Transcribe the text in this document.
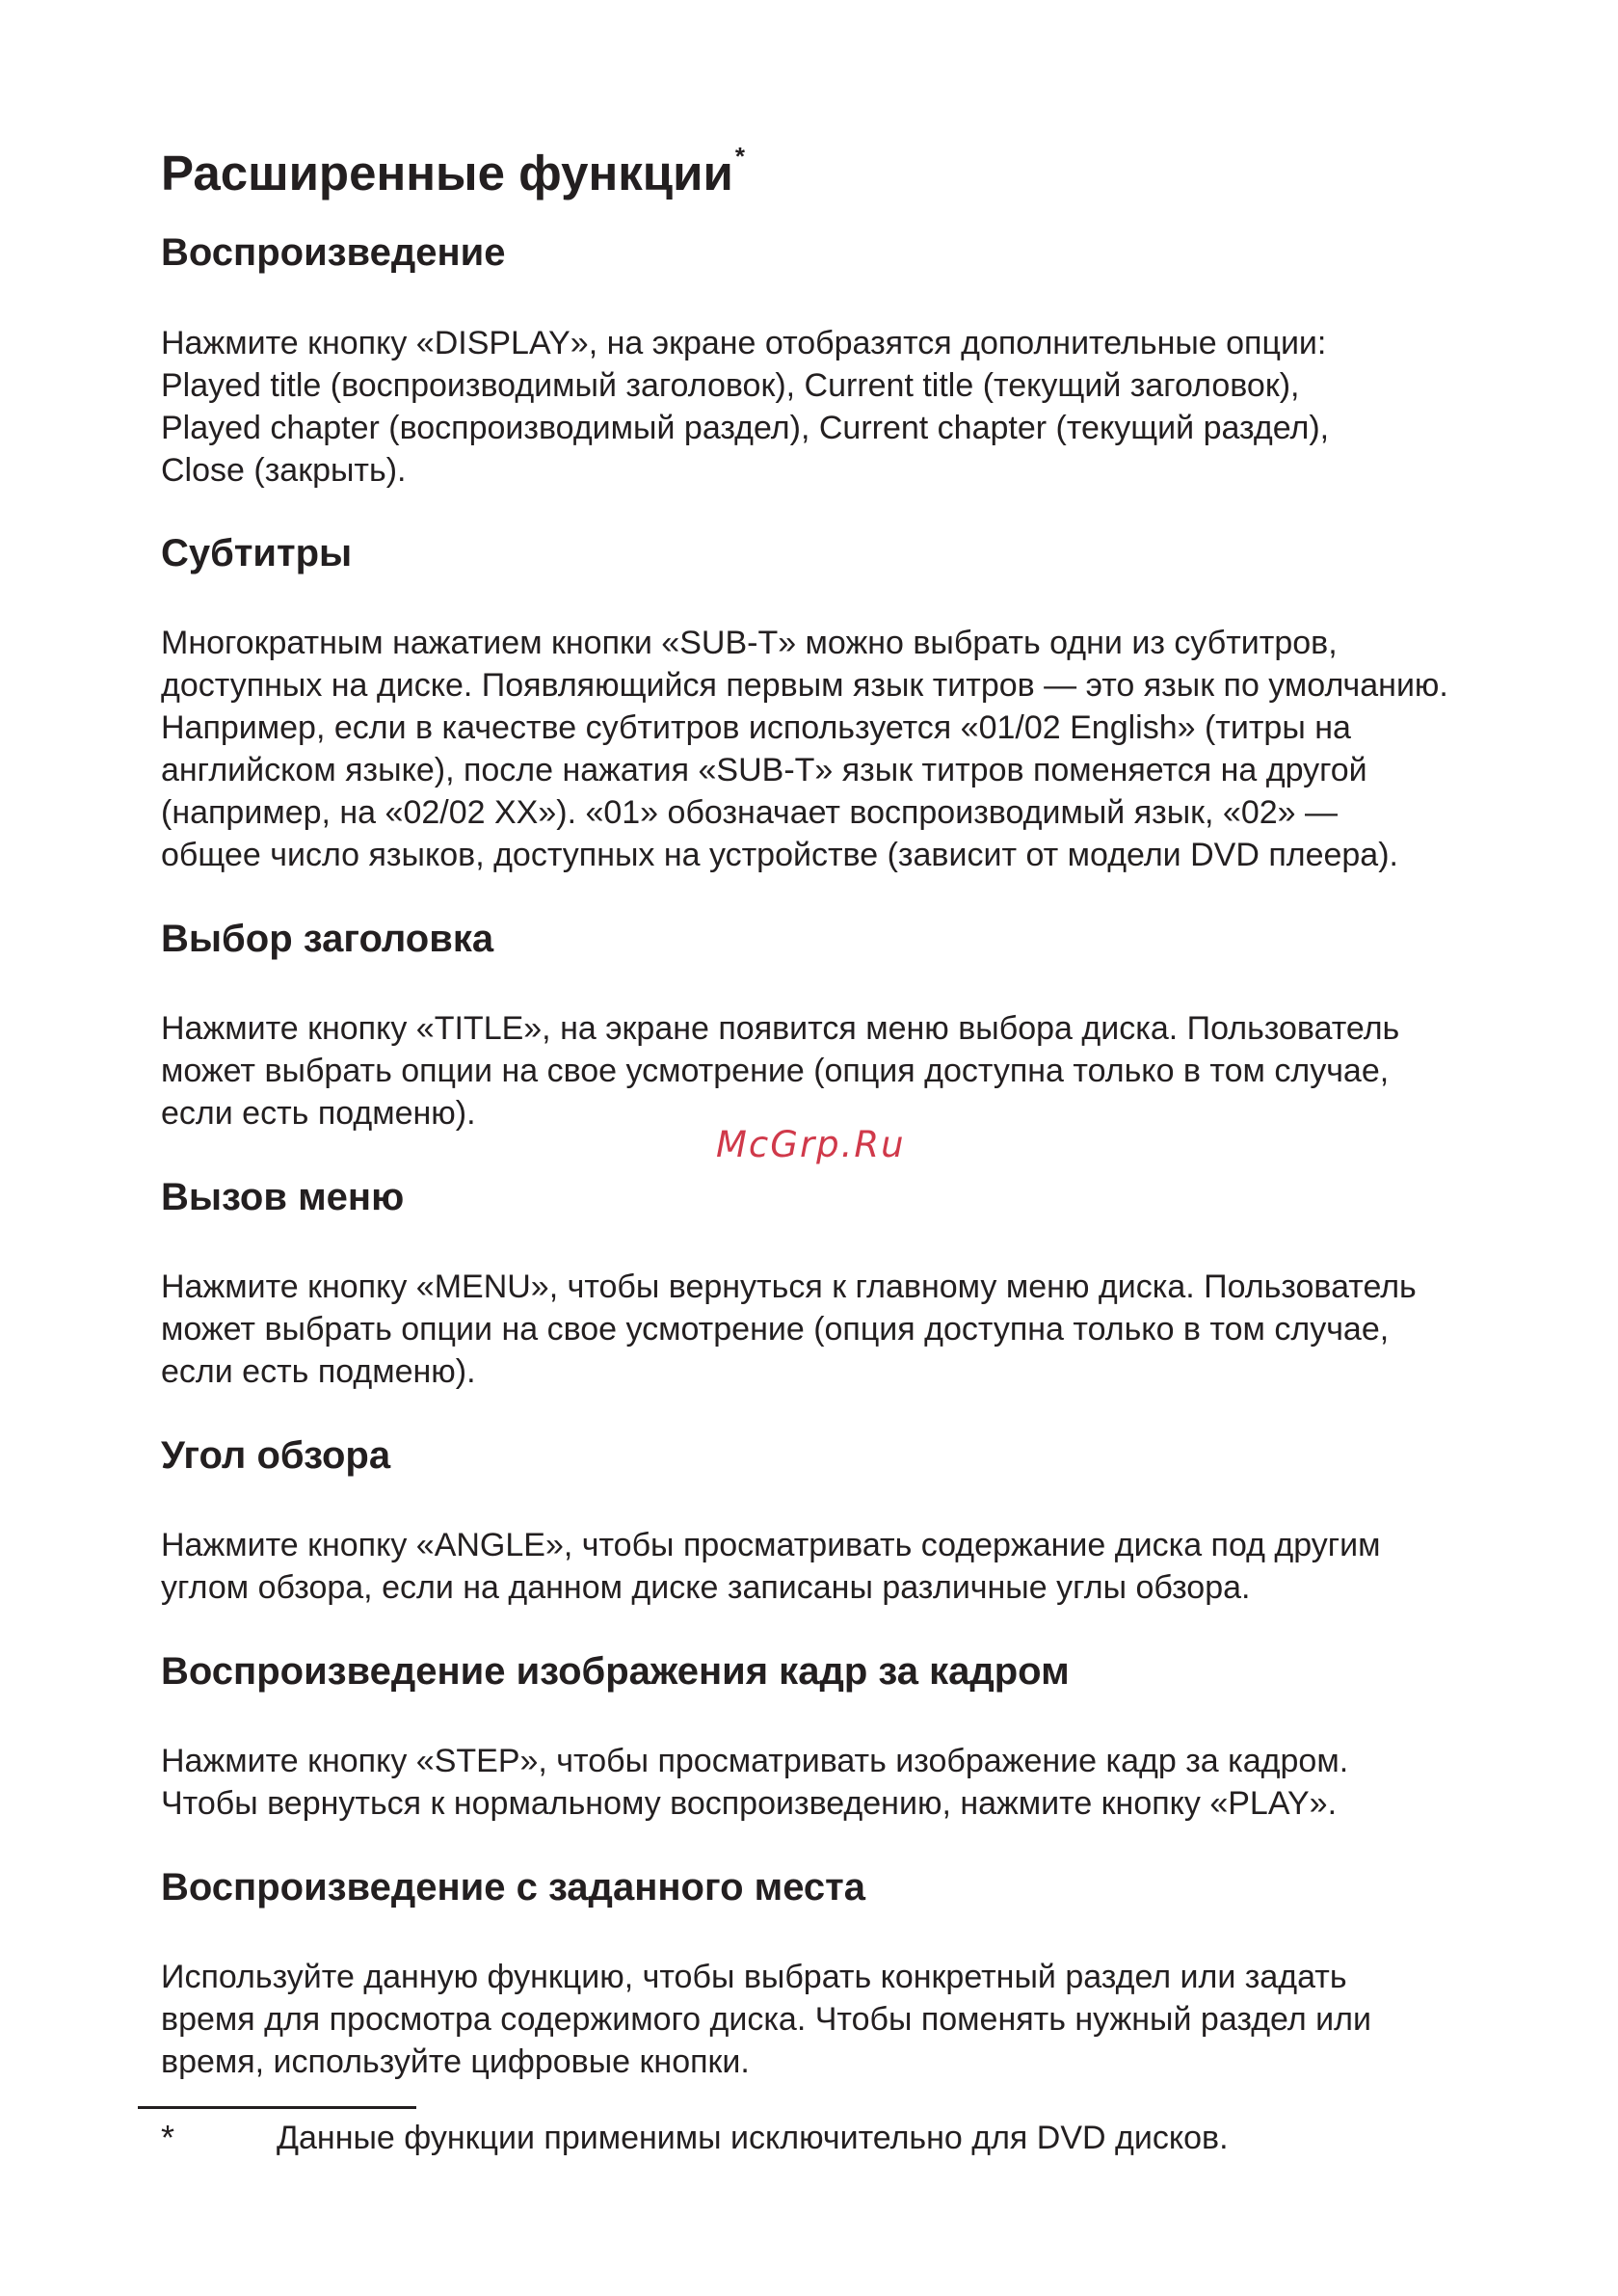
Расширенные функции*
Воспроизведение

Нажмите кнопку «DISPLAY», на экране отобразятся дополнительные опции:
Played title (воспроизводимый заголовок), Current title (текущий заголовок),
Played chapter (воспроизводимый раздел), Current chapter (текущий раздел),
Close (закрыть).

Субтитры

Многократным нажатием кнопки «SUB-T» можно выбрать одни из субтитров,
доступных на диске. Появляющийся первым язык титров — это язык по умолчанию.
Например, если в качестве субтитров используется «01/02 English» (титры на
английском языке), после нажатия «SUB-T» язык титров поменяется на другой
(например, на «02/02 XX»). «01» обозначает воспроизводимый язык, «02» —
общее число языков, доступных на устройстве (зависит от модели DVD плеера).

Выбор заголовка

Нажмите кнопку «TITLE», на экране появится меню выбора диска. Пользователь
может выбрать опции на свое усмотрение (опция доступна только в том случае,
если есть подменю).

McGrp.Ru
Вызов меню

Нажмите кнопку «MENU», чтобы вернуться к главному меню диска. Пользователь
может выбрать опции на свое усмотрение (опция доступна только в том случае,
если есть подменю).

Угол обзора

Нажмите кнопку «ANGLE», чтобы просматривать содержание диска под другим
углом обзора, если на данном диске записаны различные углы обзора.

Воспроизведение изображения кадр за кадром

Нажмите кнопку «STEP», чтобы просматривать изображение кадр за кадром.
Чтобы вернуться к нормальному воспроизведению, нажмите кнопку «PLAY».

Воспроизведение с заданного места

Используйте данную функцию, чтобы выбрать конкретный раздел или задать
время для просмотра содержимого диска. Чтобы поменять нужный раздел или
время, используйте цифровые кнопки.

*	Данные функции применимы исключительно для DVD дисков.
